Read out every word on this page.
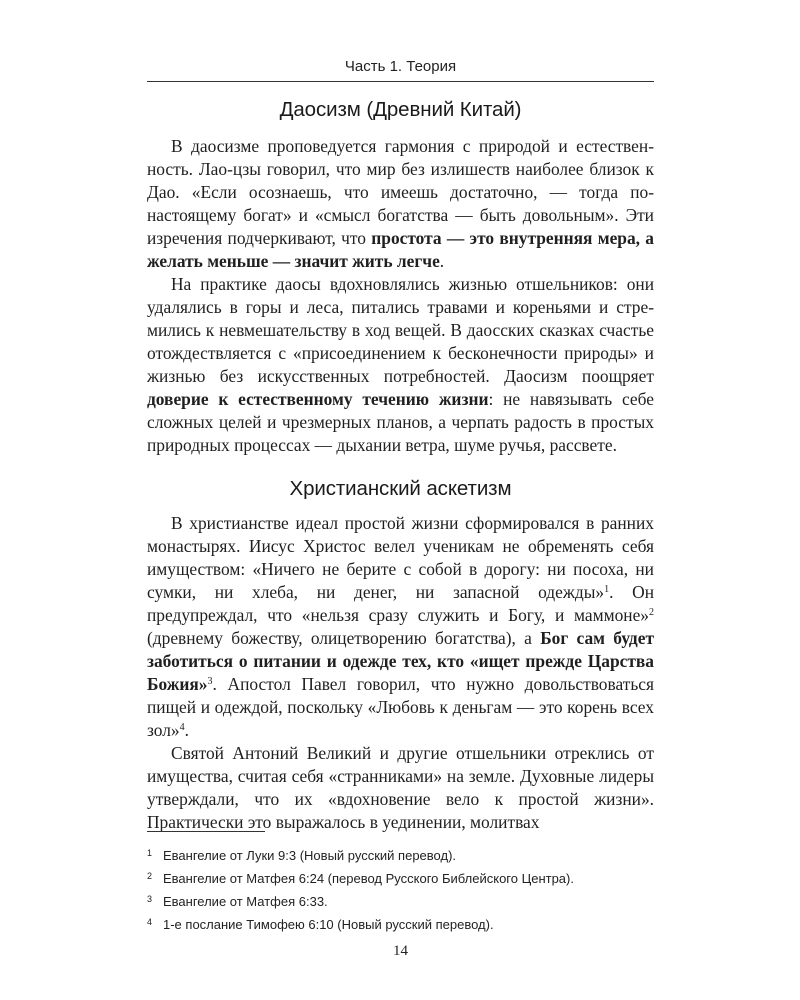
Часть 1. Теория
Даосизм (Древний Китай)

В даосизме проповедуется гармония с природой и естественность. Лао-цзы говорил, что мир без излишеств наиболее близок к Дао. «Если осознаешь, что имеешь достаточно, — тогда по-настоящему богат» и «смысл богатства — быть довольным». Эти изречения подчеркивают, что простота — это внутренняя мера, а желать меньше — значит жить легче.

На практике даосы вдохновлялись жизнью отшельников: они удалялись в горы и леса, питались травами и кореньями и стремились к невмешательству в ход вещей. В даосских сказках счастье отождествляется с «присоединением к бесконечности природы» и жизнью без искусственных потребностей. Даосизм поощряет доверие к естественному течению жизни: не навязывать себе сложных целей и чрезмерных планов, а черпать радость в простых природных процессах — дыхании ветра, шуме ручья, рассвете.

Христианский аскетизм

В христианстве идеал простой жизни сформировался в ранних монастырях. Иисус Христос велел ученикам не обременять себя имуществом: «Ничего не берите с собой в дорогу: ни посоха, ни сумки, ни хлеба, ни денег, ни запасной одежды»$^1$. Он предупреждал, что «нельзя сразу служить и Богу, и маммоне»$^2$ (древнему божеству, олицетворению богатства), а Бог сам будет заботиться о питании и одежде тех, кто «ищет прежде Царства Божия»$^3$. Апостол Павел говорил, что нужно довольствоваться пищей и одеждой, поскольку «Любовь к деньгам — это корень всех зол»$^4$.

Святой Антоний Великий и другие отшельники отреклись от имущества, считая себя «странниками» на земле. Духовные лидеры утверждали, что их «вдохновение вело к простой жизни». Практически это выражалось в уединении, молитвах

1 Евангелие от Луки 9:3 (Новый русский перевод).
2 Евангелие от Матфея 6:24 (перевод Русского Библейского Центра).
3 Евангелие от Матфея 6:33.
4 1-е послание Тимофею 6:10 (Новый русский перевод).
14
